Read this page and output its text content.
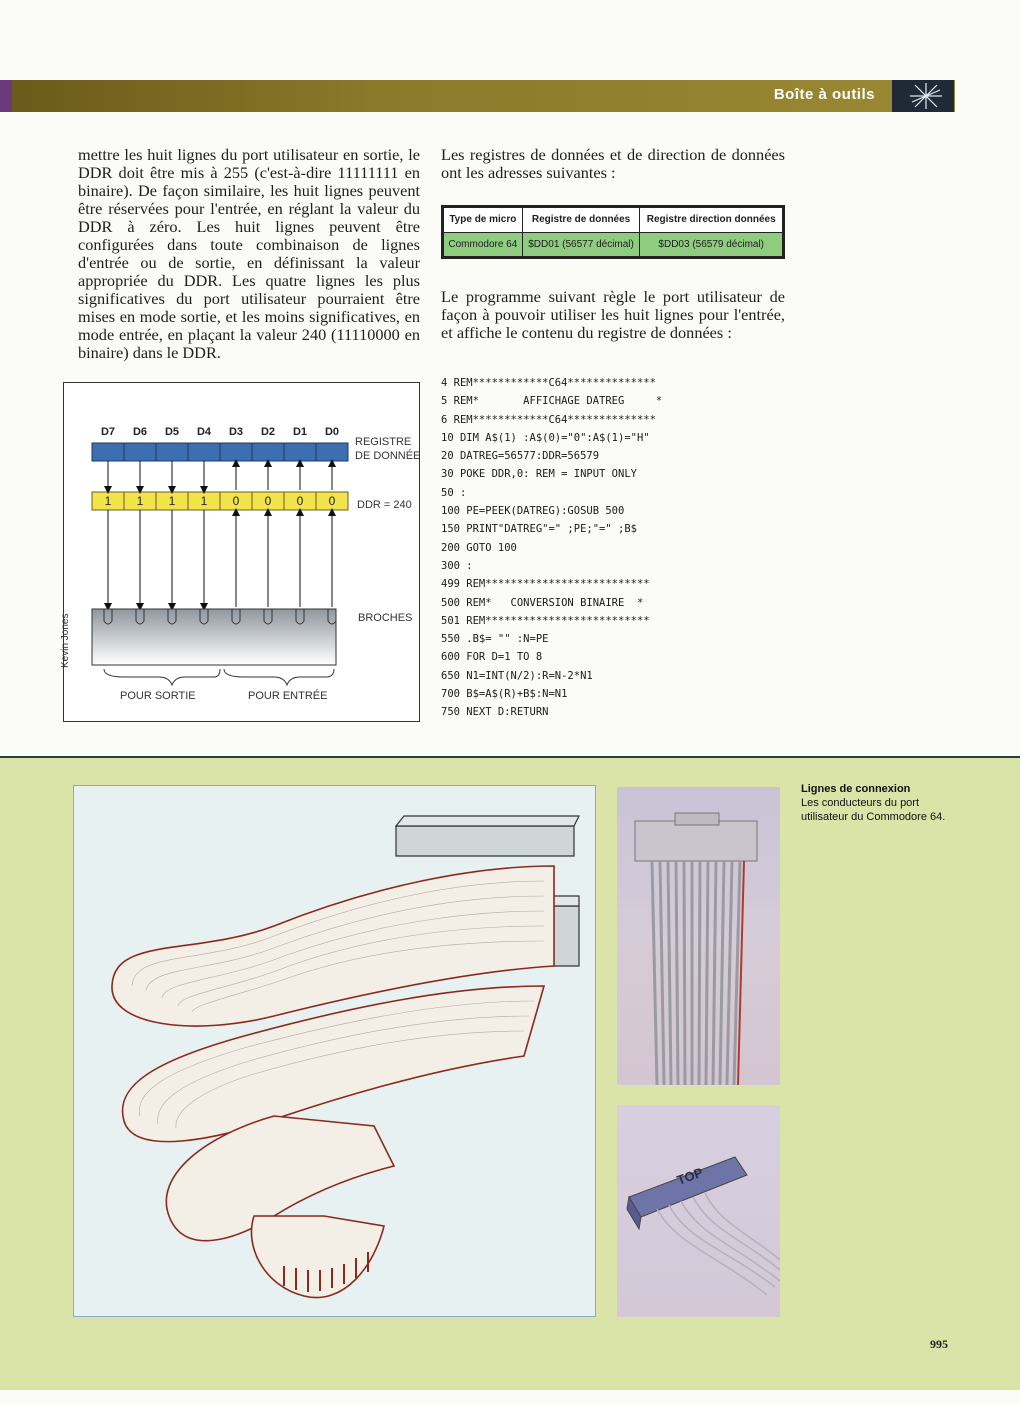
Boîte à outils
mettre les huit lignes du port utilisateur en sortie, le DDR doit être mis à 255 (c'est-à-dire 11111111 en binaire). De façon similaire, les huit lignes peuvent être réservées pour l'entrée, en réglant la valeur du DDR à zéro. Les huit lignes peuvent être configurées dans toute combinaison de lignes d'entrée ou de sortie, en définissant la valeur appropriée du DDR. Les quatre lignes les plus significatives du port utilisateur pourraient être mises en mode sortie, et les moins significatives, en mode entrée, en plaçant la valeur 240 (11110000 en binaire) dans le DDR.
Les registres de données et de direction de données ont les adresses suivantes :
Type de micro	Registre de données	Registre direction données
Commodore 64	$DD01 (56577 décimal)	$DD03 (56579 décimal)
Le programme suivant règle le port utilisateur de façon à pouvoir utiliser les huit lignes pour l'entrée, et affiche le contenu du registre de données :
D7 D6 D5 D4 D3 D2 D1 D0
1 1 1 1 0 0 0 0
REGISTRE
DE DONNÉES
DDR = 240
BROCHES
POUR SORTIE	POUR ENTRÉE
Kevin Jones
4 REM************C64**************
5 REM*       AFFICHAGE DATREG     *
6 REM************C64**************
10 DIM A$(1) :A$(0)="0":A$(1)="H"
20 DATREG=56577:DDR=56579
30 POKE DDR,0: REM = INPUT ONLY
50 :
100 PE=PEEK(DATREG):GOSUB 500
150 PRINT"DATREG"=" ;PE;"=" ;B$
200 GOTO 100
300 :
499 REM**************************
500 REM*   CONVERSION BINAIRE  *
501 REM**************************
550 .B$= "" :N=PE
600 FOR D=1 TO 8
650 N1=INT(N/2):R=N-2*N1
700 B$=A$(R)+B$:N=N1
750 NEXT D:RETURN
TOP
Lignes de connexion
Les conducteurs du port utilisateur du Commodore 64.
995
